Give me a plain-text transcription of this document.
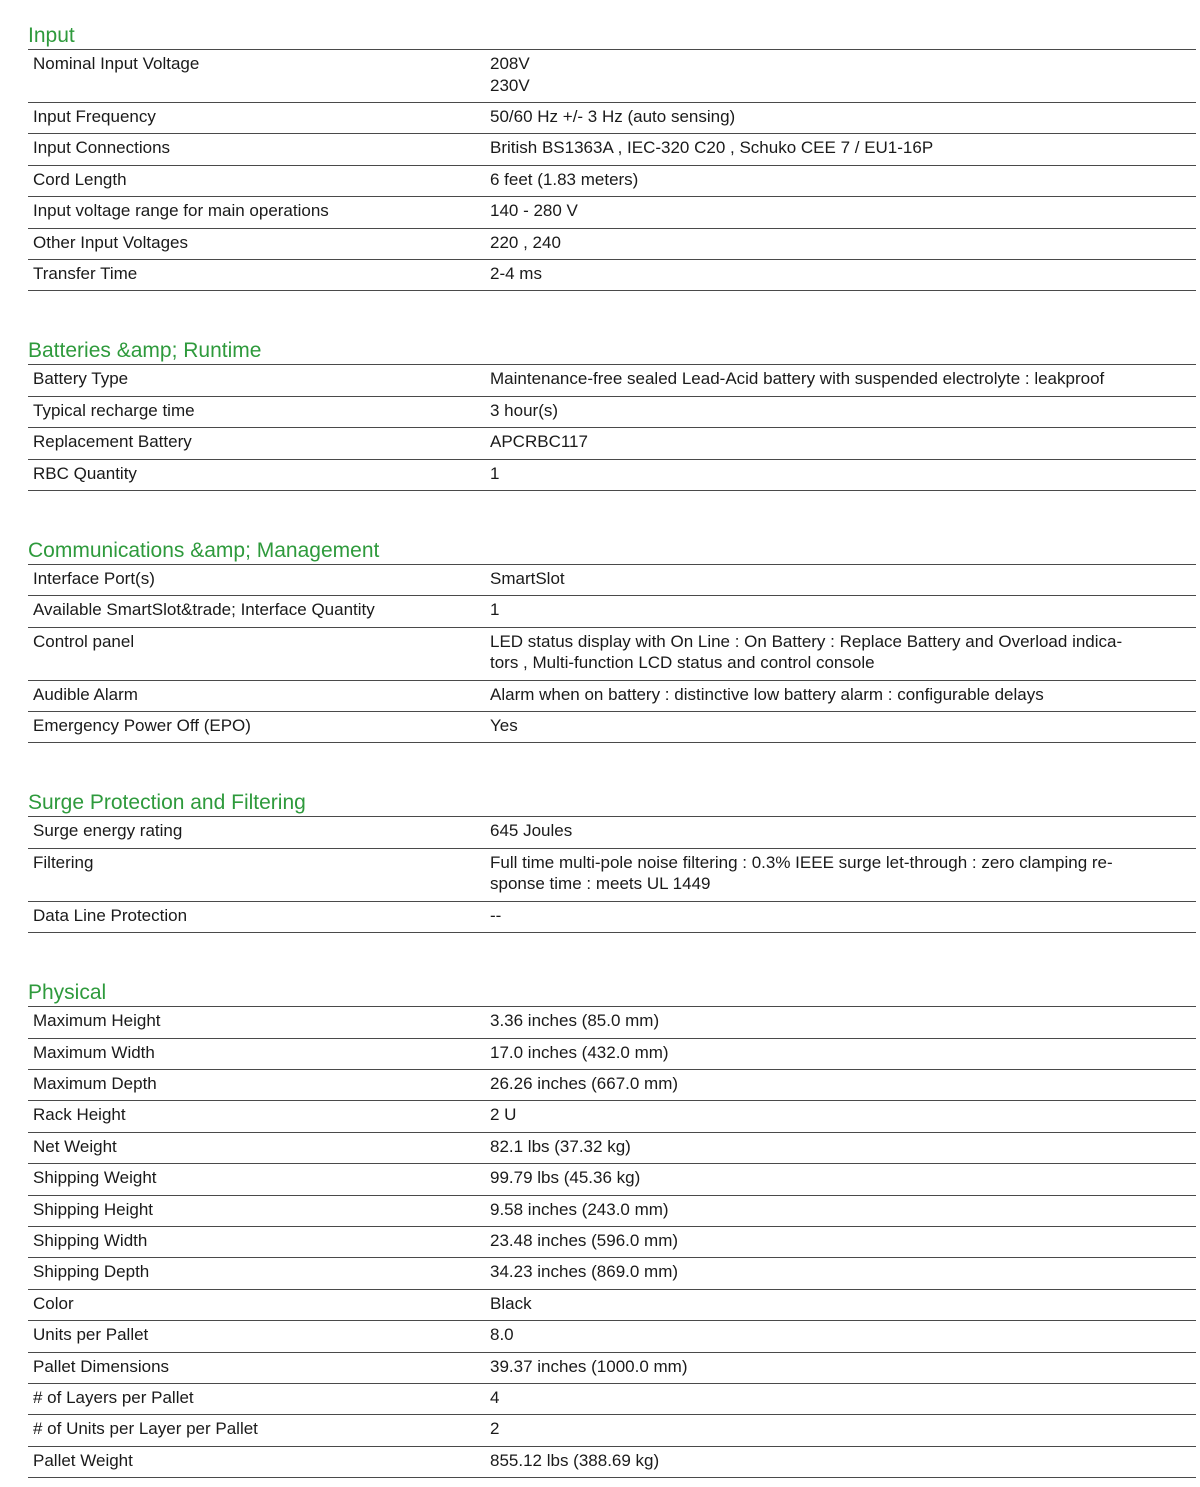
Input
Nominal Input Voltage	208V
230V
Input Frequency	50/60 Hz +/- 3 Hz (auto sensing)
Input Connections	British BS1363A , IEC-320 C20 , Schuko CEE 7 / EU1-16P
Cord Length	6 feet (1.83 meters)
Input voltage range for main operations	140 - 280 V
Other Input Voltages	220 , 240
Transfer Time	2-4 ms
Batteries &amp; Runtime
Battery Type	Maintenance-free sealed Lead-Acid battery with suspended electrolyte : leakproof
Typical recharge time	3 hour(s)
Replacement Battery	APCRBC117
RBC Quantity	1
Communications &amp; Management
Interface Port(s)	SmartSlot
Available SmartSlot&trade; Interface Quantity	1
Control panel	LED status display with On Line : On Battery : Replace Battery and Overload indica-
tors , Multi-function LCD status and control console
Audible Alarm	Alarm when on battery : distinctive low battery alarm : configurable delays
Emergency Power Off (EPO)	Yes
Surge Protection and Filtering
Surge energy rating	645 Joules
Filtering	Full time multi-pole noise filtering : 0.3% IEEE surge let-through : zero clamping re-
sponse time : meets UL 1449
Data Line Protection	--
Physical
Maximum Height	3.36 inches (85.0 mm)
Maximum Width	17.0 inches (432.0 mm)
Maximum Depth	26.26 inches (667.0 mm)
Rack Height	2 U
Net Weight	82.1 lbs (37.32 kg)
Shipping Weight	99.79 lbs (45.36 kg)
Shipping Height	9.58 inches (243.0 mm)
Shipping Width	23.48 inches (596.0 mm)
Shipping Depth	34.23 inches (869.0 mm)
Color	Black
Units per Pallet	8.0
Pallet Dimensions	39.37 inches (1000.0 mm)
# of Layers per Pallet	4
# of Units per Layer per Pallet	2
Pallet Weight	855.12 lbs (388.69 kg)
